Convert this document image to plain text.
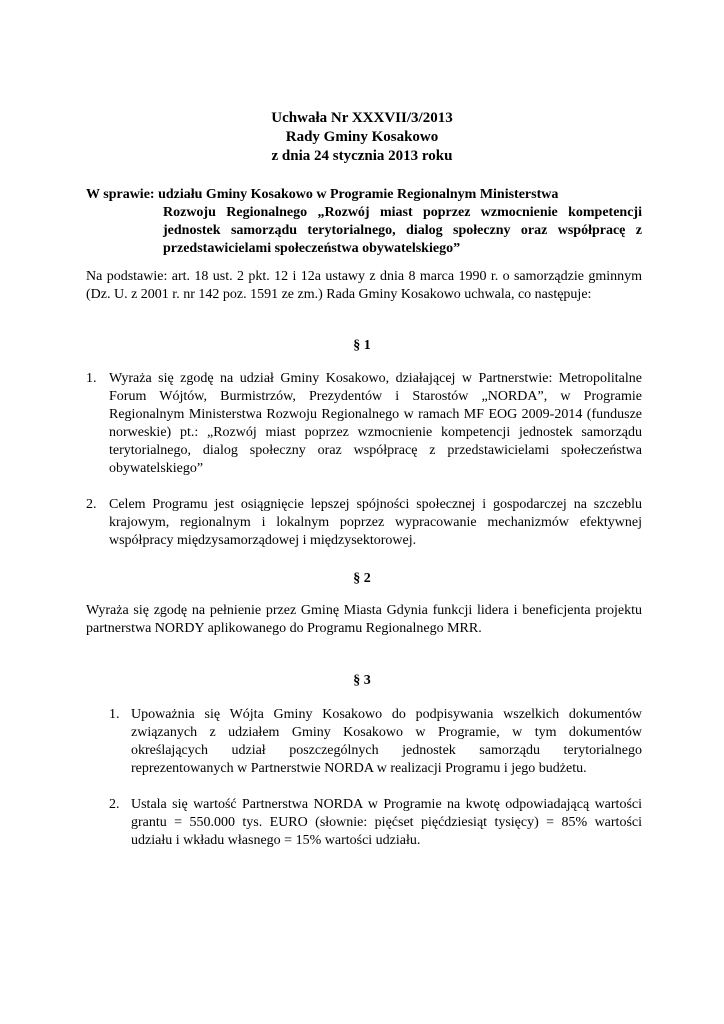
Uchwała Nr XXXVII/3/2013
Rady Gminy Kosakowo
z dnia 24 stycznia 2013 roku
W sprawie: udziału Gminy Kosakowo w Programie Regionalnym Ministerstwa
Rozwoju Regionalnego „Rozwój miast poprzez wzmocnienie kompetencji jednostek samorządu terytorialnego, dialog społeczny oraz współpracę z przedstawicielami społeczeństwa obywatelskiego”
Na podstawie: art. 18 ust. 2 pkt. 12 i 12a ustawy z dnia 8 marca 1990 r. o samorządzie gminnym (Dz. U. z 2001 r. nr 142 poz. 1591 ze zm.) Rada Gminy Kosakowo uchwala, co następuje:
§ 1
1. Wyraża się zgodę na udział Gminy Kosakowo, działającej w Partnerstwie: Metropolitalne Forum Wójtów, Burmistrzów, Prezydentów i Starostów „NORDA”, w Programie Regionalnym Ministerstwa Rozwoju Regionalnego w ramach MF EOG 2009-2014 (fundusze norweskie) pt.: „Rozwój miast poprzez wzmocnienie kompetencji jednostek samorządu terytorialnego, dialog społeczny oraz współpracę z przedstawicielami społeczeństwa obywatelskiego”
2. Celem Programu jest osiągnięcie lepszej spójności społecznej i gospodarczej na szczeblu krajowym, regionalnym i lokalnym poprzez wypracowanie mechanizmów efektywnej współpracy międzysamorządowej i międzysektorowej.
§ 2
Wyraża się zgodę na pełnienie przez Gminę Miasta Gdynia funkcji lidera i beneficjenta projektu partnerstwa NORDY aplikowanego do Programu Regionalnego MRR.
§ 3
1. Upoważnia się Wójta Gminy Kosakowo do podpisywania wszelkich dokumentów związanych z udziałem Gminy Kosakowo w Programie, w tym dokumentów określających udział poszczególnych jednostek samorządu terytorialnego reprezentowanych w Partnerstwie NORDA w realizacji Programu i jego budżetu.
2. Ustala się wartość Partnerstwa NORDA w Programie na kwotę odpowiadającą wartości grantu = 550.000 tys. EURO (słownie: pięćset pięćdziesiąt tysięcy) = 85% wartości udziału i wkładu własnego = 15% wartości udziału.
